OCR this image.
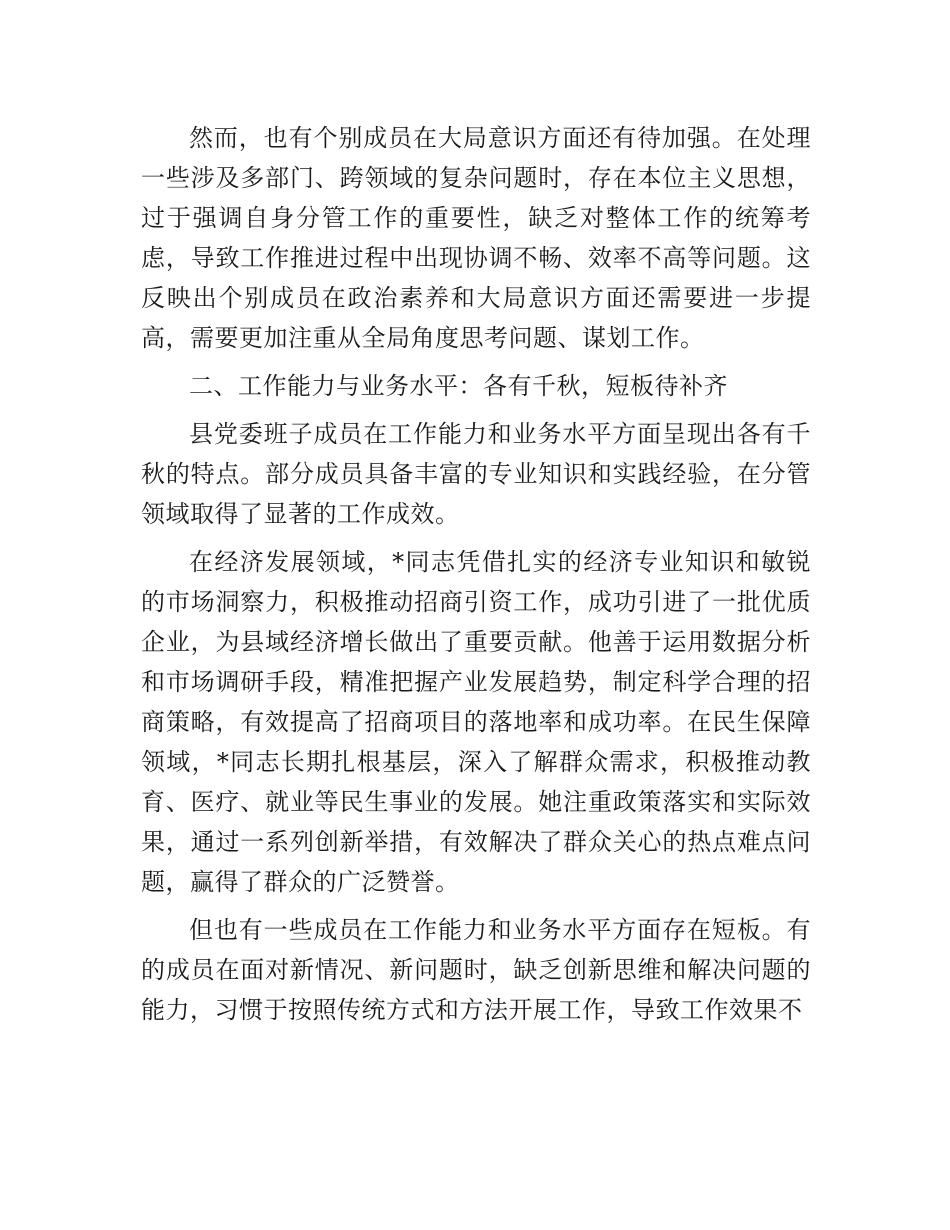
然而，也有个别成员在大局意识方面还有待加强。在处理一些涉及多部门、跨领域的复杂问题时，存在本位主义思想，过于强调自身分管工作的重要性，缺乏对整体工作的统筹考虑，导致工作推进过程中出现协调不畅、效率不高等问题。这反映出个别成员在政治素养和大局意识方面还需要进一步提高，需要更加注重从全局角度思考问题、谋划工作。

二、工作能力与业务水平：各有千秋，短板待补齐

县党委班子成员在工作能力和业务水平方面呈现出各有千秋的特点。部分成员具备丰富的专业知识和实践经验，在分管领域取得了显著的工作成效。

在经济发展领域，*同志凭借扎实的经济专业知识和敏锐的市场洞察力，积极推动招商引资工作，成功引进了一批优质企业，为县域经济增长做出了重要贡献。他善于运用数据分析和市场调研手段，精准把握产业发展趋势，制定科学合理的招商策略，有效提高了招商项目的落地率和成功率。在民生保障领域，*同志长期扎根基层，深入了解群众需求，积极推动教育、医疗、就业等民生事业的发展。她注重政策落实和实际效果，通过一系列创新举措，有效解决了群众关心的热点难点问题，赢得了群众的广泛赞誉。

但也有一些成员在工作能力和业务水平方面存在短板。有的成员在面对新情况、新问题时，缺乏创新思维和解决问题的能力，习惯于按照传统方式和方法开展工作，导致工作效果不
